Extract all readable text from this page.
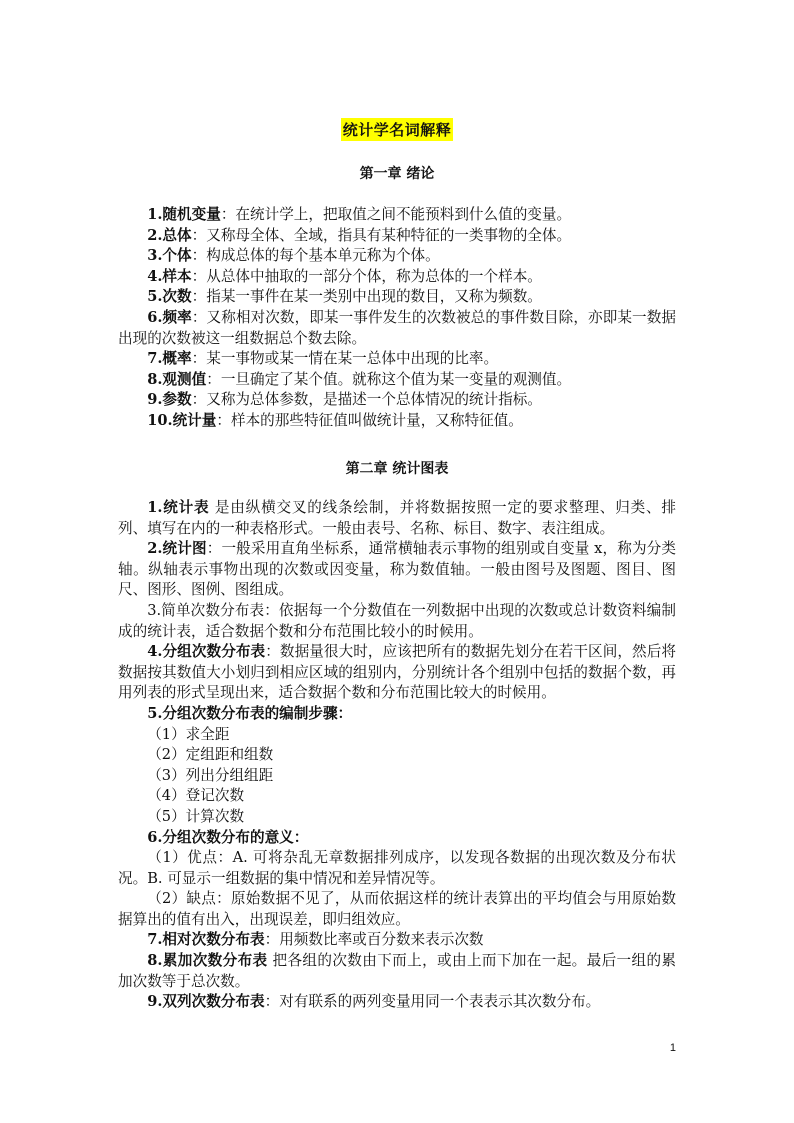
统计学名词解释
第一章 绪论

1.随机变量：在统计学上，把取值之间不能预料到什么值的变量。

2.总体：又称母全体、全域，指具有某种特征的一类事物的全体。

3.个体：构成总体的每个基本单元称为个体。

4.样本：从总体中抽取的一部分个体，称为总体的一个样本。

5.次数：指某一事件在某一类别中出现的数目，又称为频数。

6.频率：又称相对次数，即某一事件发生的次数被总的事件数目除，亦即某一数据出现的次数被这一组数据总个数去除。

7.概率：某一事物或某一情在某一总体中出现的比率。

8.观测值：一旦确定了某个值。就称这个值为某一变量的观测值。

9.参数：又称为总体参数，是描述一个总体情况的统计指标。

10.统计量：样本的那些特征值叫做统计量，又称特征值。

第二章 统计图表

1.统计表 是由纵横交叉的线条绘制，并将数据按照一定的要求整理、归类、排列、填写在内的一种表格形式。一般由表号、名称、标目、数字、表注组成。

2.统计图：一般采用直角坐标系，通常横轴表示事物的组别或自变量 x，称为分类轴。纵轴表示事物出现的次数或因变量，称为数值轴。一般由图号及图题、图目、图尺、图形、图例、图组成。

3.简单次数分布表：依据每一个分数值在一列数据中出现的次数或总计数资料编制成的统计表，适合数据个数和分布范围比较小的时候用。

4.分组次数分布表：数据量很大时，应该把所有的数据先划分在若干区间，然后将数据按其数值大小划归到相应区域的组别内，分别统计各个组别中包括的数据个数，再用列表的形式呈现出来，适合数据个数和分布范围比较大的时候用。

5.分组次数分布表的编制步骤：

（1）求全距

（2）定组距和组数

（3）列出分组组距

（4）登记次数

（5）计算次数

6.分组次数分布的意义：

（1）优点：A. 可将杂乱无章数据排列成序，以发现各数据的出现次数及分布状况。B. 可显示一组数据的集中情况和差异情况等。

（2）缺点：原始数据不见了，从而依据这样的统计表算出的平均值会与用原始数据算出的值有出入，出现误差，即归组效应。

7.相对次数分布表：用频数比率或百分数来表示次数

8.累加次数分布表 把各组的次数由下而上，或由上而下加在一起。最后一组的累加次数等于总次数。

9.双列次数分布表：对有联系的两列变量用同一个表表示其次数分布。

1
